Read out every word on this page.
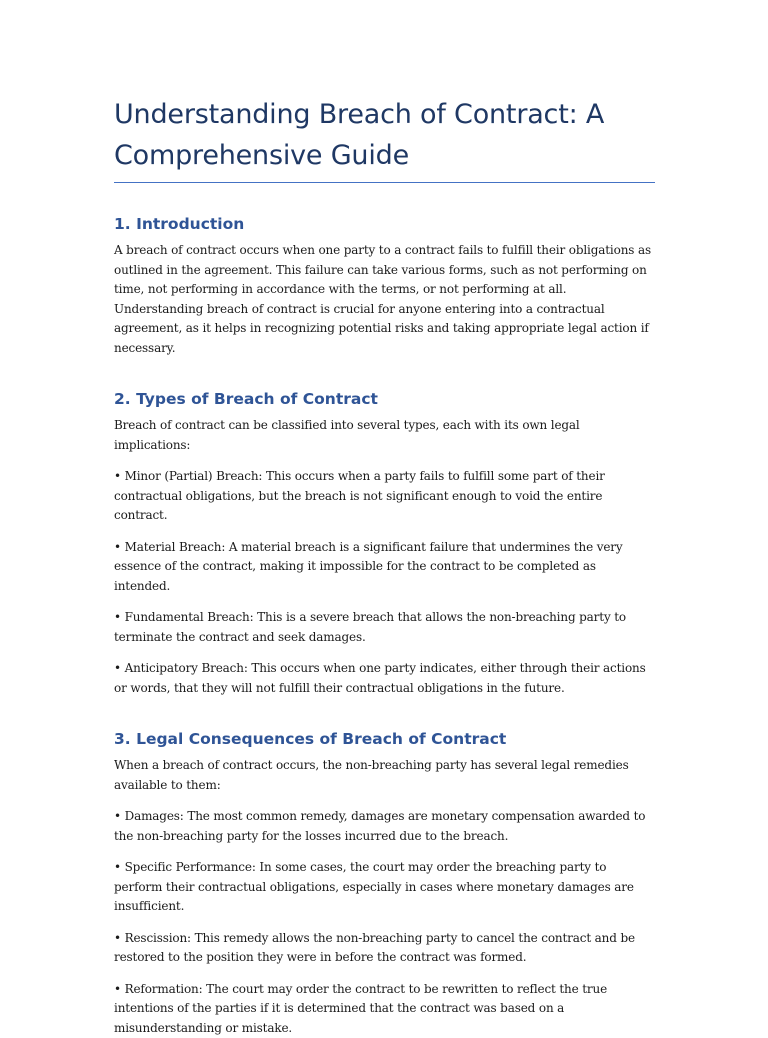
Understanding Breach of Contract: A
Comprehensive Guide
1. Introduction

A breach of contract occurs when one party to a contract fails to fulfill their obligations as outlined in the agreement. This failure can take various forms, such as not performing on time, not performing in accordance with the terms, or not performing at all. Understanding breach of contract is crucial for anyone entering into a contractual agreement, as it helps in recognizing potential risks and taking appropriate legal action if necessary.

2. Types of Breach of Contract

Breach of contract can be classified into several types, each with its own legal implications:

• Minor (Partial) Breach: This occurs when a party fails to fulfill some part of their contractual obligations, but the breach is not significant enough to void the entire contract.

• Material Breach: A material breach is a significant failure that undermines the very essence of the contract, making it impossible for the contract to be completed as intended.

• Fundamental Breach: This is a severe breach that allows the non-breaching party to terminate the contract and seek damages.

• Anticipatory Breach: This occurs when one party indicates, either through their actions or words, that they will not fulfill their contractual obligations in the future.

3. Legal Consequences of Breach of Contract

When a breach of contract occurs, the non-breaching party has several legal remedies available to them:

• Damages: The most common remedy, damages are monetary compensation awarded to the non-breaching party for the losses incurred due to the breach.

• Specific Performance: In some cases, the court may order the breaching party to perform their contractual obligations, especially in cases where monetary damages are insufficient.

• Rescission: This remedy allows the non-breaching party to cancel the contract and be restored to the position they were in before the contract was formed.

• Reformation: The court may order the contract to be rewritten to reflect the true intentions of the parties if it is determined that the contract was based on a misunderstanding or mistake.
